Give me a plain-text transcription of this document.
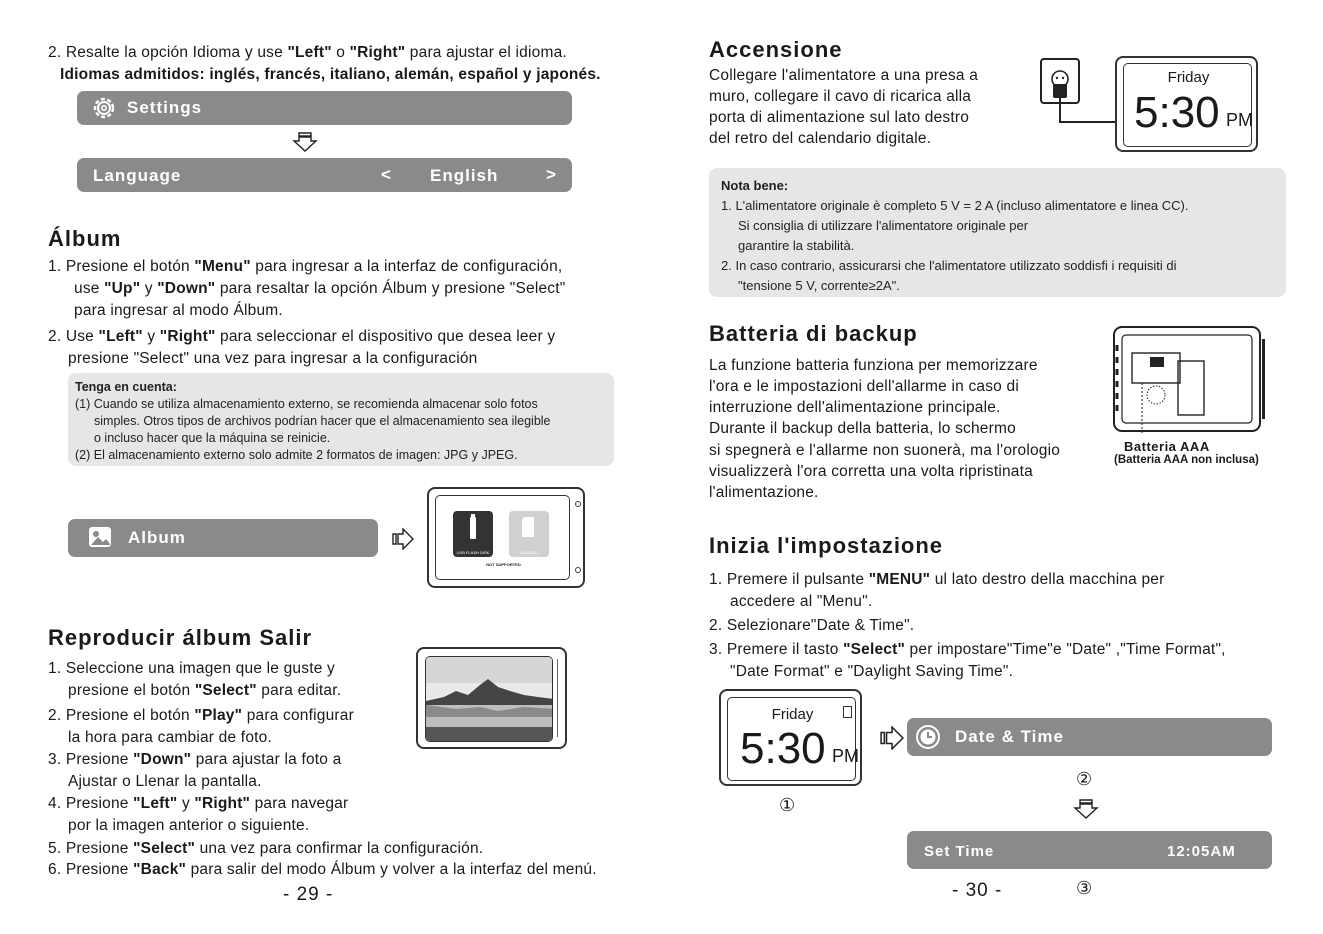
2. Resalte la opción Idioma y use "Left" o "Right" para ajustar el idioma.
Idiomas admitidos: inglés, francés, italiano, alemán, español y japonés.
Settings
Language	< English	>
Álbum
1. Presione el botón "Menu" para ingresar a la interfaz de configuración,
use "Up" y "Down" para resaltar la opción Álbum y presione "Select"
para ingresar al modo Álbum.
2. Use "Left" y "Right" para seleccionar el dispositivo que desea leer y
presione "Select" una vez para ingresar a la configuración

Tenga en cuenta:

(1) Cuando se utiliza almacenamiento externo, se recomienda almacenar solo fotos

simples. Otros tipos de archivos podrían hacer que el almacenamiento sea ilegible

o incluso hacer que la máquina se reinicie.

(2) El almacenamiento externo solo admite 2 formatos de imagen: JPG y JPEG.

Album
USB FLASH DISK	SD CARD
NOT SUPPORTED
Reproducir álbum Salir
1. Seleccione una imagen que le guste y
presione el botón "Select" para editar.
2. Presione el botón "Play" para configurar
la hora para cambiar de foto.
3. Presione "Down" para ajustar la foto a
Ajustar o Llenar la pantalla.
4. Presione "Left" y "Right" para navegar
por la imagen anterior o siguiente.
5. Presione "Select" una vez para confirmar la configuración.
6. Presione "Back" para salir del modo Álbum y volver a la interfaz del menú.
- 29 -
Accensione
Collegare l'alimentatore a una presa a
muro, collegare il cavo di ricarica alla
porta di alimentazione sul lato destro
del retro del calendario digitale.
Friday
5:30 PM

Nota bene:

1. L'alimentatore originale è completo 5 V = 2 A (incluso alimentatore e linea CC).

Si consiglia di utilizzare l'alimentatore originale per

garantire la stabilità.

2. In caso contrario, assicurarsi che l'alimentatore utilizzato soddisfi i requisiti di

"tensione 5 V, corrente≥2A".

Batteria di backup
La funzione batteria funziona per memorizzare
l'ora e le impostazioni dell'allarme in caso di
interruzione dell'alimentazione principale.
Durante il backup della batteria, lo schermo
si spegnerà e l'allarme non suonerà, ma l'orologio
visualizzerà l'ora corretta una volta ripristinata
l'alimentazione.
Batteria AAA
(Batteria AAA non inclusa)
Inizia l'impostazione
1. Premere il pulsante "MENU" ul lato destro della macchina per
accedere al "Menu".
2. Selezionare"Date & Time".
3. Premere il tasto "Select" per impostare"Time"e "Date" ,"Time Format",
"Date Format" e "Daylight Saving Time".
Friday
5:30 PM
①
Date & Time
②
Set Time	12:05AM
- 30 -	③
